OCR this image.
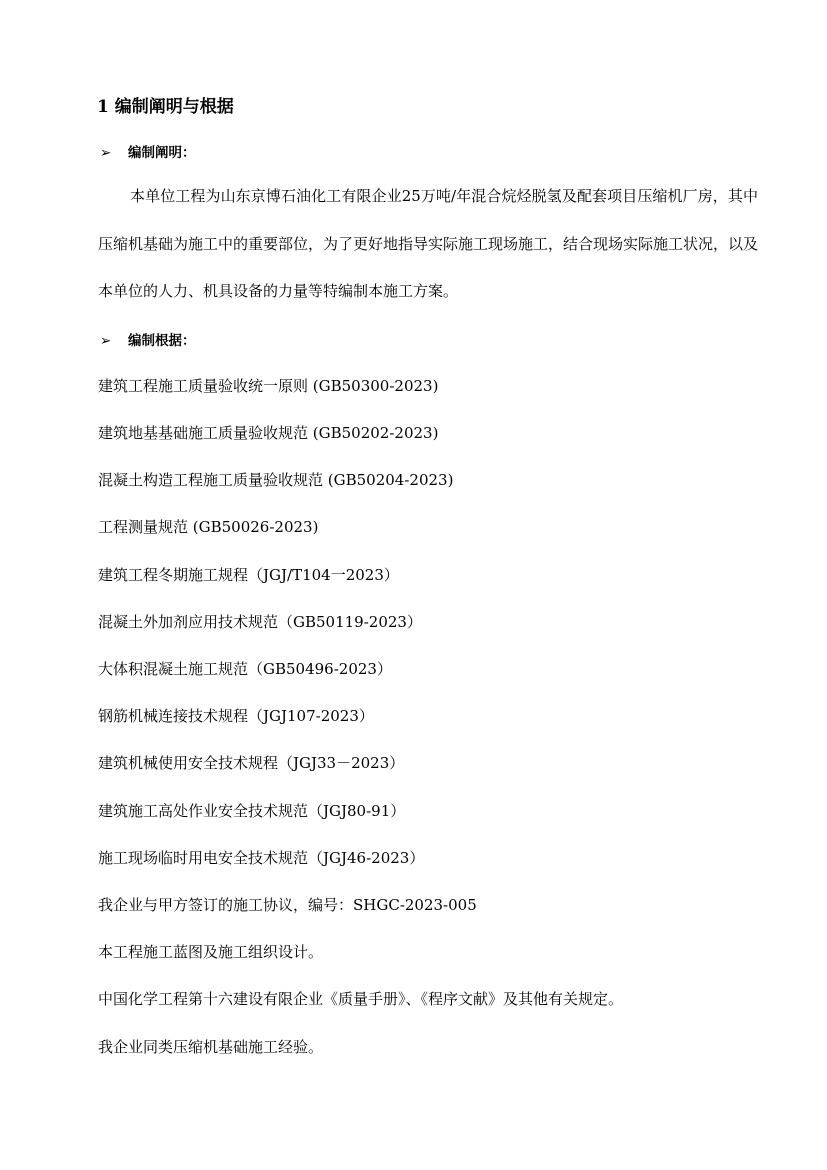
1 编制阐明与根据
➢ 编制阐明：
本单位工程为山东京博石油化工有限企业25万吨/年混合烷烃脱氢及配套项目压缩机厂房，其中压缩机基础为施工中的重要部位，为了更好地指导实际施工现场施工，结合现场实际施工状况，以及本单位的人力、机具设备的力量等特编制本施工方案。
➢ 编制根据：
建筑工程施工质量验收统一原则 (GB50300-2023)
建筑地基基础施工质量验收规范 (GB50202-2023)
混凝土构造工程施工质量验收规范 (GB50204-2023)
工程测量规范 (GB50026-2023)
建筑工程冬期施工规程（JGJ/T104一2023）
混凝土外加剂应用技术规范（GB50119-2023）
大体积混凝土施工规范（GB50496-2023）
钢筋机械连接技术规程（JGJ107-2023）
建筑机械使用安全技术规程（JGJ33－2023）
建筑施工高处作业安全技术规范（JGJ80-91）
施工现场临时用电安全技术规范（JGJ46-2023）
我企业与甲方签订的施工协议，编号：SHGC-2023-005
本工程施工蓝图及施工组织设计。
中国化学工程第十六建设有限企业《质量手册》、《程序文献》及其他有关规定。
我企业同类压缩机基础施工经验。
